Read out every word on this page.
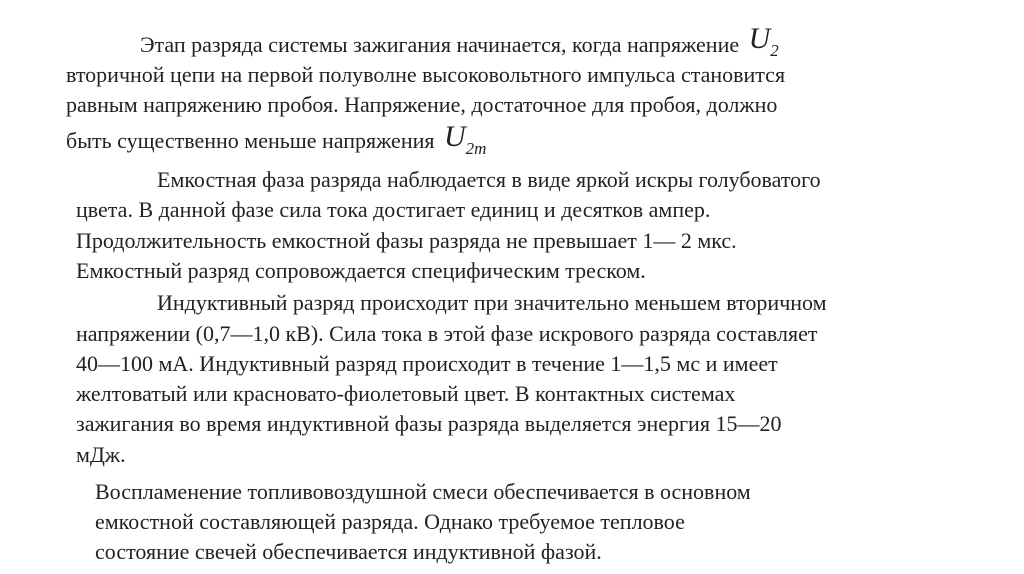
Этап разряда системы зажигания начинается, когда напряжение $U_2$
вторичной цепи на первой полуволне высоковольтного импульса становится
равным напряжению пробоя. Напряжение, достаточное для пробоя, должно
быть существенно меньше напряжения $U_{2m}$
Емкостная фаза разряда наблюдается в виде яркой искры голубоватого
цвета. В данной фазе сила тока достигает единиц и десятков ампер.
Продолжительность емкостной фазы разряда не превышает 1— 2 мкс.
Емкостный разряд сопровождается специфическим треском.
Индуктивный разряд происходит при значительно меньшем вторичном
напряжении (0,7—1,0 кВ). Сила тока в этой фазе искрового разряда составляет
40—100 мА. Индуктивный разряд происходит в течение 1—1,5 мс и имеет
желтоватый или красновато-фиолетовый цвет. В контактных системах
зажигания во время индуктивной фазы разряда выделяется энергия 15—20
мДж.
Воспламенение топливовоздушной смеси обеспечивается в основном
емкостной составляющей разряда. Однако требуемое тепловое
состояние свечей обеспечивается индуктивной фазой.
